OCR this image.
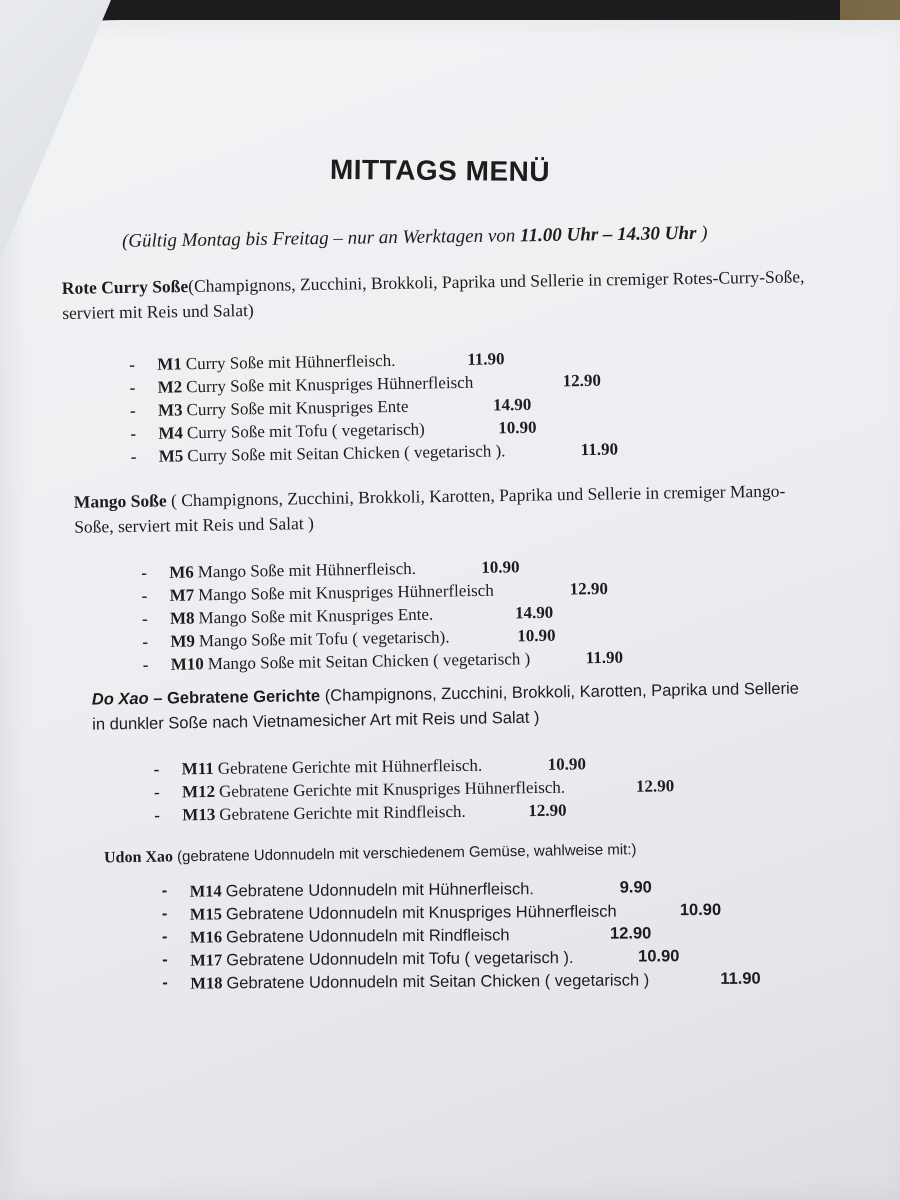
MITTAGS MENÜ
(Gültig Montag bis Freitag – nur an Werktagen von 11.00 Uhr – 14.30 Uhr )
Rote Curry Soße(Champignons, Zucchini, Brokkoli, Paprika und Sellerie in cremiger Rotes-Curry-Soße, serviert mit Reis und Salat)
- M1 Curry Soße mit Hühnerfleisch.	11.90
- M2 Curry Soße mit Knuspriges Hühnerfleisch	12.90
- M3 Curry Soße mit Knuspriges Ente	14.90
- M4 Curry Soße mit Tofu ( vegetarisch)	10.90
- M5 Curry Soße mit Seitan Chicken ( vegetarisch ).	11.90
Mango Soße ( Champignons, Zucchini, Brokkoli, Karotten, Paprika und Sellerie in cremiger Mango-Soße, serviert mit Reis und Salat )
- M6 Mango Soße mit Hühnerfleisch.	10.90
- M7 Mango Soße mit Knuspriges Hühnerfleisch	12.90
- M8 Mango Soße mit Knuspriges Ente.	14.90
- M9 Mango Soße mit Tofu ( vegetarisch).	10.90
- M10 Mango Soße mit Seitan Chicken ( vegetarisch )	11.90
Do Xao – Gebratene Gerichte (Champignons, Zucchini, Brokkoli, Karotten, Paprika und Sellerie in dunkler Soße nach Vietnamesicher Art mit Reis und Salat )
- M11 Gebratene Gerichte mit Hühnerfleisch.	10.90
- M12 Gebratene Gerichte mit Knuspriges Hühnerfleisch.	12.90
- M13 Gebratene Gerichte mit Rindfleisch.	12.90
Udon Xao (gebratene Udonnudeln mit verschiedenem Gemüse, wahlweise mit:)
- M14 Gebratene Udonnudeln mit Hühnerfleisch.	9.90
- M15 Gebratene Udonnudeln mit Knuspriges Hühnerfleisch	10.90
- M16 Gebratene Udonnudeln mit Rindfleisch	12.90
- M17 Gebratene Udonnudeln mit Tofu ( vegetarisch ).	10.90
- M18 Gebratene Udonnudeln mit Seitan Chicken ( vegetarisch )	11.90
